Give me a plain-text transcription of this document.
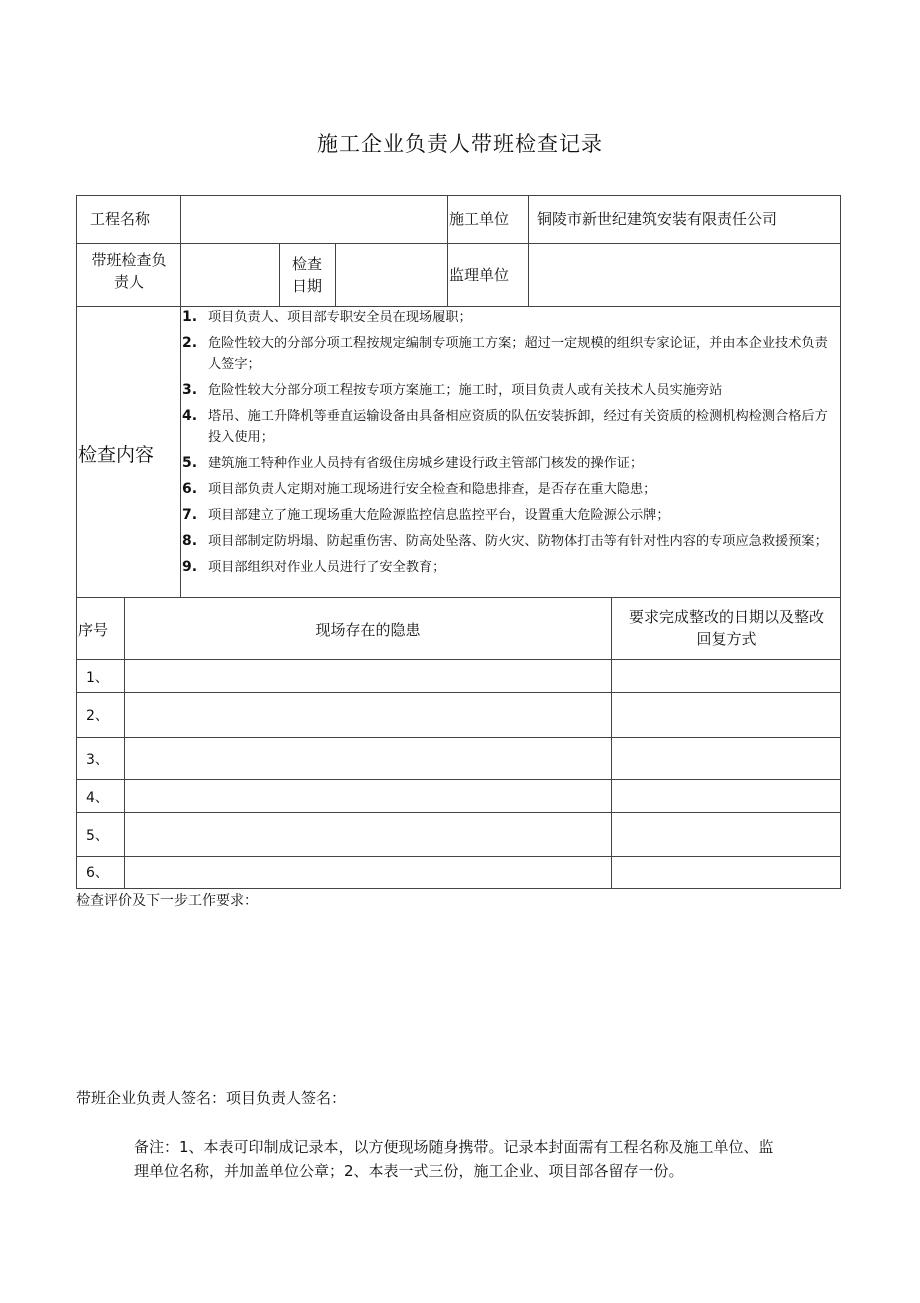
施工企业负责人带班检查记录
工程名称	施工单位 铜陵市新世纪建筑安装有限责任公司
带班检查负
责人
检查
日期
监理单位
检查内容
1. 项目负责人、项目部专职安全员在现场履职；
2. 危险性较大的分部分项工程按规定编制专项施工方案；超过一定规模的组织专家论证，并由本企业技术负责人签字；
3. 危险性较大分部分项工程按专项方案施工；施工时，项目负责人或有关技术人员实施旁站
4. 塔吊、施工升降机等垂直运输设备由具备相应资质的队伍安装拆卸，经过有关资质的检测机构检测合格后方投入使用；
5. 建筑施工特种作业人员持有省级住房城乡建设行政主管部门核发的操作证；
6. 项目部负责人定期对施工现场进行安全检查和隐患排查，是否存在重大隐患；
7. 项目部建立了施工现场重大危险源监控信息监控平台，设置重大危险源公示牌；
8. 项目部制定防坍塌、防起重伤害、防高处坠落、防火灾、防物体打击等有针对性内容的专项应急救援预案；
9. 项目部组织对作业人员进行了安全教育；
序号	现场存在的隐患
要求完成整改的日期以及整改
回复方式
1、
2、
3、
4、
5、
6、
检查评价及下一步工作要求：
带班企业负责人签名：项目负责人签名：
备注：1、本表可印制成记录本，以方便现场随身携带。记录本封面需有工程名称及施工单位、监
理单位名称，并加盖单位公章；2、本表一式三份，施工企业、项目部各留存一份。
